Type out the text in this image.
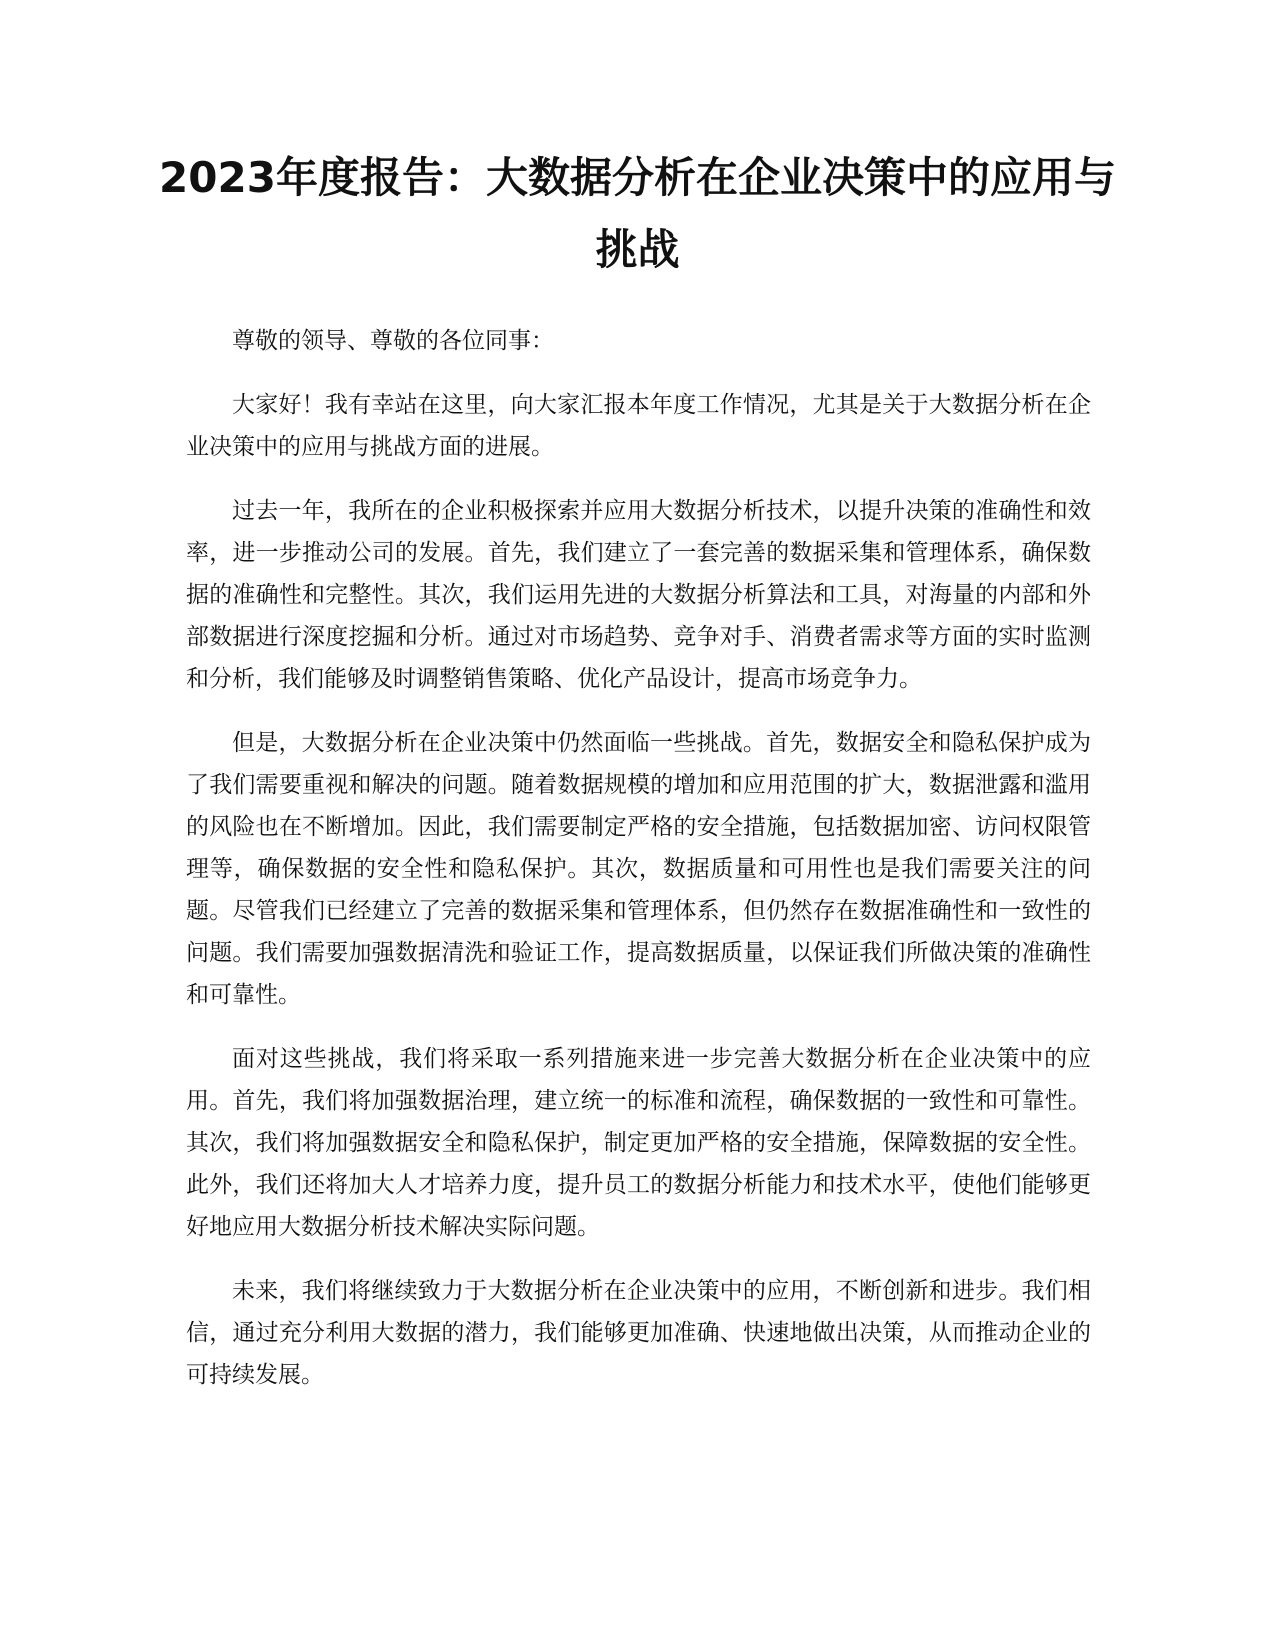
2023年度报告：大数据分析在企业决策中的应用与挑战

尊敬的领导、尊敬的各位同事：

大家好！我有幸站在这里，向大家汇报本年度工作情况，尤其是关于大数据分析在企业决策中的应用与挑战方面的进展。

过去一年，我所在的企业积极探索并应用大数据分析技术，以提升决策的准确性和效率，进一步推动公司的发展。首先，我们建立了一套完善的数据采集和管理体系，确保数据的准确性和完整性。其次，我们运用先进的大数据分析算法和工具，对海量的内部和外部数据进行深度挖掘和分析。通过对市场趋势、竞争对手、消费者需求等方面的实时监测和分析，我们能够及时调整销售策略、优化产品设计，提高市场竞争力。

但是，大数据分析在企业决策中仍然面临一些挑战。首先，数据安全和隐私保护成为了我们需要重视和解决的问题。随着数据规模的增加和应用范围的扩大，数据泄露和滥用的风险也在不断增加。因此，我们需要制定严格的安全措施，包括数据加密、访问权限管理等，确保数据的安全性和隐私保护。其次，数据质量和可用性也是我们需要关注的问题。尽管我们已经建立了完善的数据采集和管理体系，但仍然存在数据准确性和一致性的问题。我们需要加强数据清洗和验证工作，提高数据质量，以保证我们所做决策的准确性和可靠性。

面对这些挑战，我们将采取一系列措施来进一步完善大数据分析在企业决策中的应用。首先，我们将加强数据治理，建立统一的标准和流程，确保数据的一致性和可靠性。其次，我们将加强数据安全和隐私保护，制定更加严格的安全措施，保障数据的安全性。此外，我们还将加大人才培养力度，提升员工的数据分析能力和技术水平，使他们能够更好地应用大数据分析技术解决实际问题。

未来，我们将继续致力于大数据分析在企业决策中的应用，不断创新和进步。我们相信，通过充分利用大数据的潜力，我们能够更加准确、快速地做出决策，从而推动企业的可持续发展。
